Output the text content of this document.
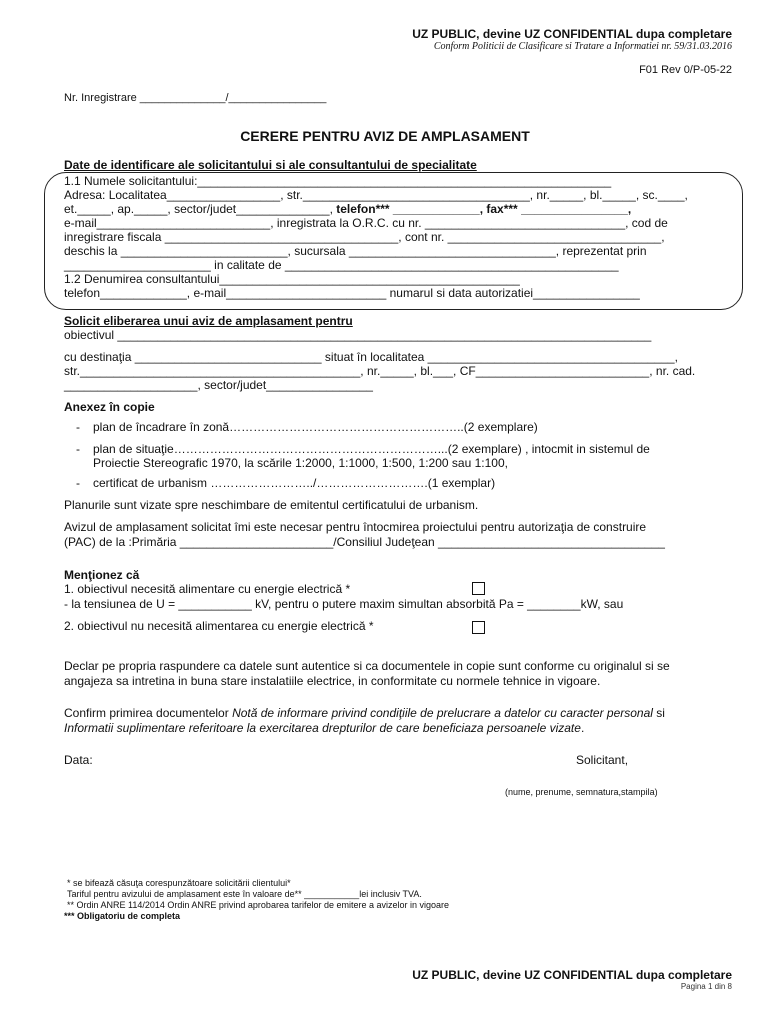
UZ PUBLIC, devine UZ CONFIDENTIAL dupa completare
Conform Politicii de Clasificare si Tratare a Informatiei nr. 59/31.03.2016
F01 Rev 0/P-05-22
Nr. Inregistrare ______________/________________
CERERE PENTRU AVIZ DE AMPLASAMENT
Date de identificare ale solicitantului si ale consultantului de specialitate
1.1 Numele solicitantului:______________________________________________________________
Adresa: Localitatea_________________, str.__________________________________, nr._____, bl._____, sc.____,
et._____, ap._____, sector/judet______________, telefon*** _____________, fax*** ________________,
e-mail__________________________, inregistrata la O.R.C. cu nr. ______________________________, cod de
inregistrare fiscala ___________________________________, cont nr. ________________________________,
deschis la _________________________, sucursala _______________________________, reprezentat prin
______________________ in calitate de __________________________________________________
1.2 Denumirea consultantului_____________________________________________
telefon_____________, e-mail________________________ numarul si data autorizatiei________________
Solicit eliberarea unui aviz de amplasament pentru
obiectivul ________________________________________________________________________________
cu destinaţia ____________________________ situat în localitatea _____________________________________,
str.__________________________________________, nr._____, bl.___, CF__________________________, nr. cad.
____________________, sector/judet________________
Anexez în copie
- plan de încadrare în zonă…………………………………………………..(2 exemplare)
- plan de situaţie…………………………………………………………...(2 exemplare) , intocmit in sistemul de
Proiectie Stereografic 1970, la scările 1:2000, 1:1000, 1:500, 1:200 sau 1:100,
- certificat de urbanism ……………………../……………………….(1 exemplar)
Planurile sunt vizate spre neschimbare de emitentul certificatului de urbanism.
Avizul de amplasament solicitat îmi este necesar pentru întocmirea proiectului pentru autorizaţia de construire
(PAC) de la :Primăria _______________________/Consiliul Judeţean __________________________________
Menţionez că
1. obiectivul necesită alimentare cu energie electrică *
- la tensiunea de U = ___________ kV, pentru o putere maxim simultan absorbită Pa = ________kW, sau
2. obiectivul nu necesită alimentarea cu energie electrică *
Declar pe propria raspundere ca datele sunt autentice si ca documentele in copie sunt conforme cu originalul si se
angajeza sa intretina in buna stare instalatiile electrice, in conformitate cu normele tehnice in vigoare.
Confirm primirea documentelor Notă de informare privind condiţiile de prelucrare a datelor cu caracter personal si
Informatii suplimentare referitoare la exercitarea drepturilor de care beneficiaza persoanele vizate.
Data:	Solicitant,
(nume, prenume, semnatura,stampila)
* se bifează căsuţa corespunzătoare solicitării clientului*
Tariful pentru avizului de amplasament este în valoare de** ___________lei inclusiv TVA.
** Ordin ANRE 114/2014 Ordin ANRE privind aprobarea tarifelor de emitere a avizelor in vigoare
*** Obligatoriu de completa
UZ PUBLIC, devine UZ CONFIDENTIAL dupa completare
Pagina 1 din 8
